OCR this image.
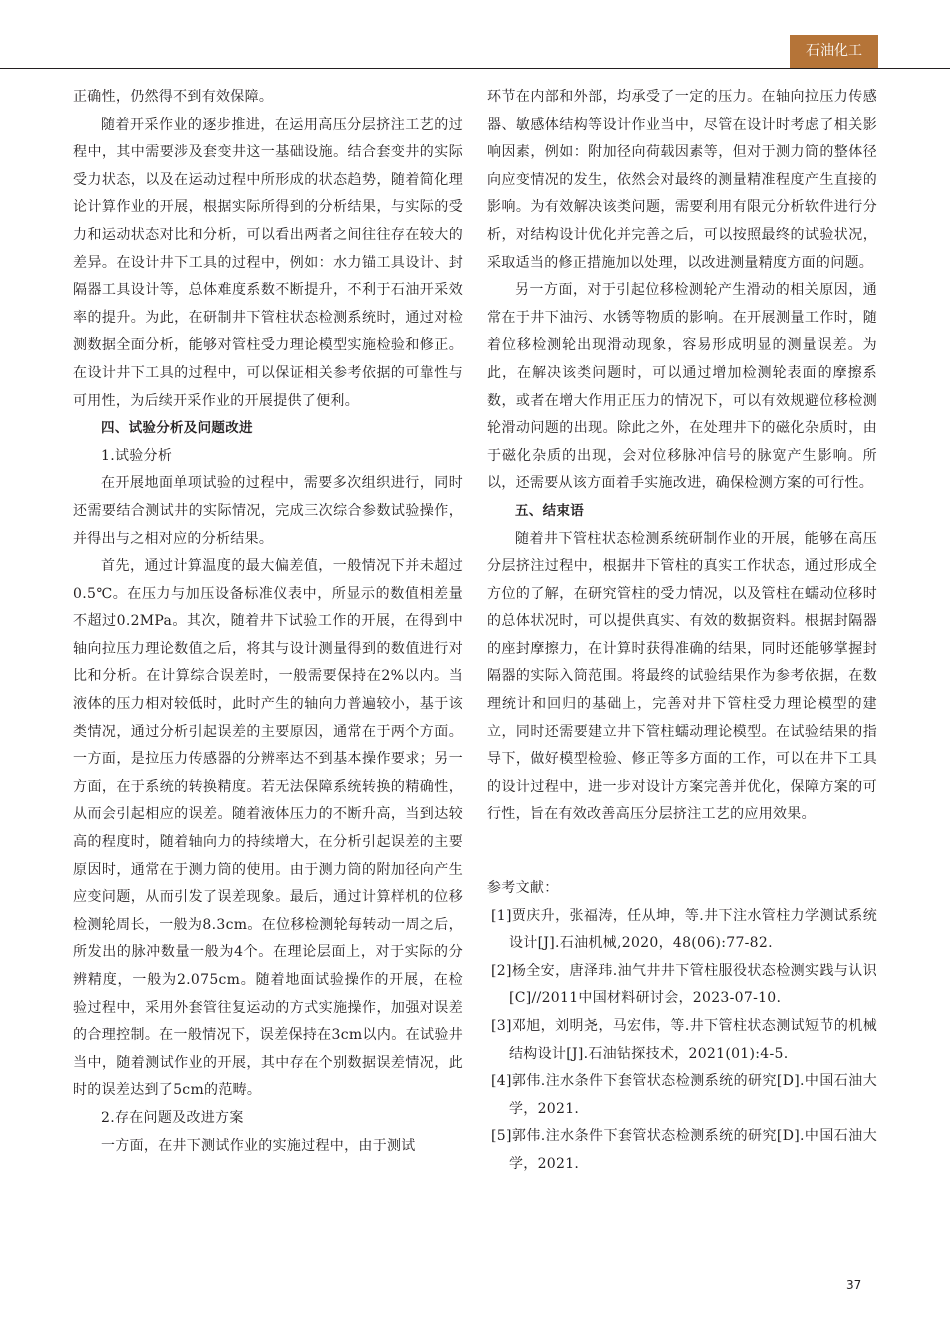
石油化工

正确性，仍然得不到有效保障。

随着开采作业的逐步推进，在运用高压分层挤注工艺的过程中，其中需要涉及套变井这一基础设施。结合套变井的实际受力状态，以及在运动过程中所形成的状态趋势，随着简化理论计算作业的开展，根据实际所得到的分析结果，与实际的受力和运动状态对比和分析，可以看出两者之间往往存在较大的差异。在设计井下工具的过程中，例如：水力锚工具设计、封隔器工具设计等，总体难度系数不断提升，不利于石油开采效率的提升。为此，在研制井下管柱状态检测系统时，通过对检测数据全面分析，能够对管柱受力理论模型实施检验和修正。在设计井下工具的过程中，可以保证相关参考依据的可靠性与可用性，为后续开采作业的开展提供了便利。

四、试验分析及问题改进

1.试验分析

在开展地面单项试验的过程中，需要多次组织进行，同时还需要结合测试井的实际情况，完成三次综合参数试验操作，并得出与之相对应的分析结果。

首先，通过计算温度的最大偏差值，一般情况下并未超过0.5℃。在压力与加压设备标准仪表中，所显示的数值相差量不超过0.2MPa。其次，随着井下试验工作的开展，在得到中轴向拉压力理论数值之后，将其与设计测量得到的数值进行对比和分析。在计算综合误差时，一般需要保持在2%以内。当液体的压力相对较低时，此时产生的轴向力普遍较小，基于该类情况，通过分析引起误差的主要原因，通常在于两个方面。一方面，是拉压力传感器的分辨率达不到基本操作要求；另一方面，在于系统的转换精度。若无法保障系统转换的精确性，从而会引起相应的误差。随着液体压力的不断升高，当到达较高的程度时，随着轴向力的持续增大，在分析引起误差的主要原因时，通常在于测力筒的使用。由于测力筒的附加径向产生应变问题，从而引发了误差现象。最后，通过计算样机的位移检测轮周长，一般为8.3cm。在位移检测轮每转动一周之后，所发出的脉冲数量一般为4个。在理论层面上，对于实际的分辨精度，一般为2.075cm。随着地面试验操作的开展，在检验过程中，采用外套管往复运动的方式实施操作，加强对误差的合理控制。在一般情况下，误差保持在3cm以内。在试验井当中，随着测试作业的开展，其中存在个别数据误差情况，此时的误差达到了5cm的范畴。

2.存在问题及改进方案

一方面，在井下测试作业的实施过程中，由于测试

环节在内部和外部，均承受了一定的压力。在轴向拉压力传感器、敏感体结构等设计作业当中，尽管在设计时考虑了相关影响因素，例如：附加径向荷载因素等，但对于测力筒的整体径向应变情况的发生，依然会对最终的测量精准程度产生直接的影响。为有效解决该类问题，需要利用有限元分析软件进行分析，对结构设计优化并完善之后，可以按照最终的试验状况，采取适当的修正措施加以处理，以改进测量精度方面的问题。

另一方面，对于引起位移检测轮产生滑动的相关原因，通常在于井下油污、水锈等物质的影响。在开展测量工作时，随着位移检测轮出现滑动现象，容易形成明显的测量误差。为此，在解决该类问题时，可以通过增加检测轮表面的摩擦系数，或者在增大作用正压力的情况下，可以有效规避位移检测轮滑动问题的出现。除此之外，在处理井下的磁化杂质时，由于磁化杂质的出现，会对位移脉冲信号的脉宽产生影响。所以，还需要从该方面着手实施改进，确保检测方案的可行性。

五、结束语

随着井下管柱状态检测系统研制作业的开展，能够在高压分层挤注过程中，根据井下管柱的真实工作状态，通过形成全方位的了解，在研究管柱的受力情况，以及管柱在蠕动位移时的总体状况时，可以提供真实、有效的数据资料。根据封隔器的座封摩擦力，在计算时获得准确的结果，同时还能够掌握封隔器的实际入筒范围。将最终的试验结果作为参考依据，在数理统计和回归的基础上，完善对井下管柱受力理论模型的建立，同时还需要建立井下管柱蠕动理论模型。在试验结果的指导下，做好模型检验、修正等多方面的工作，可以在井下工具的设计过程中，进一步对设计方案完善并优化，保障方案的可行性，旨在有效改善高压分层挤注工艺的应用效果。

参考文献：

[1]贾庆升，张福涛，任从坤，等.井下注水管柱力学测试系统设计[J].石油机械,2020，48(06):77-82.

[2]杨全安，唐泽玮.油气井井下管柱服役状态检测实践与认识[C]//2011中国材料研讨会，2023-07-10.

[3]邓旭，刘明尧，马宏伟，等.井下管柱状态测试短节的机械结构设计[J].石油钻探技术，2021(01):4-5.

[4]郭伟.注水条件下套管状态检测系统的研究[D].中国石油大学，2021.

[5]郭伟.注水条件下套管状态检测系统的研究[D].中国石油大学，2021.

37
